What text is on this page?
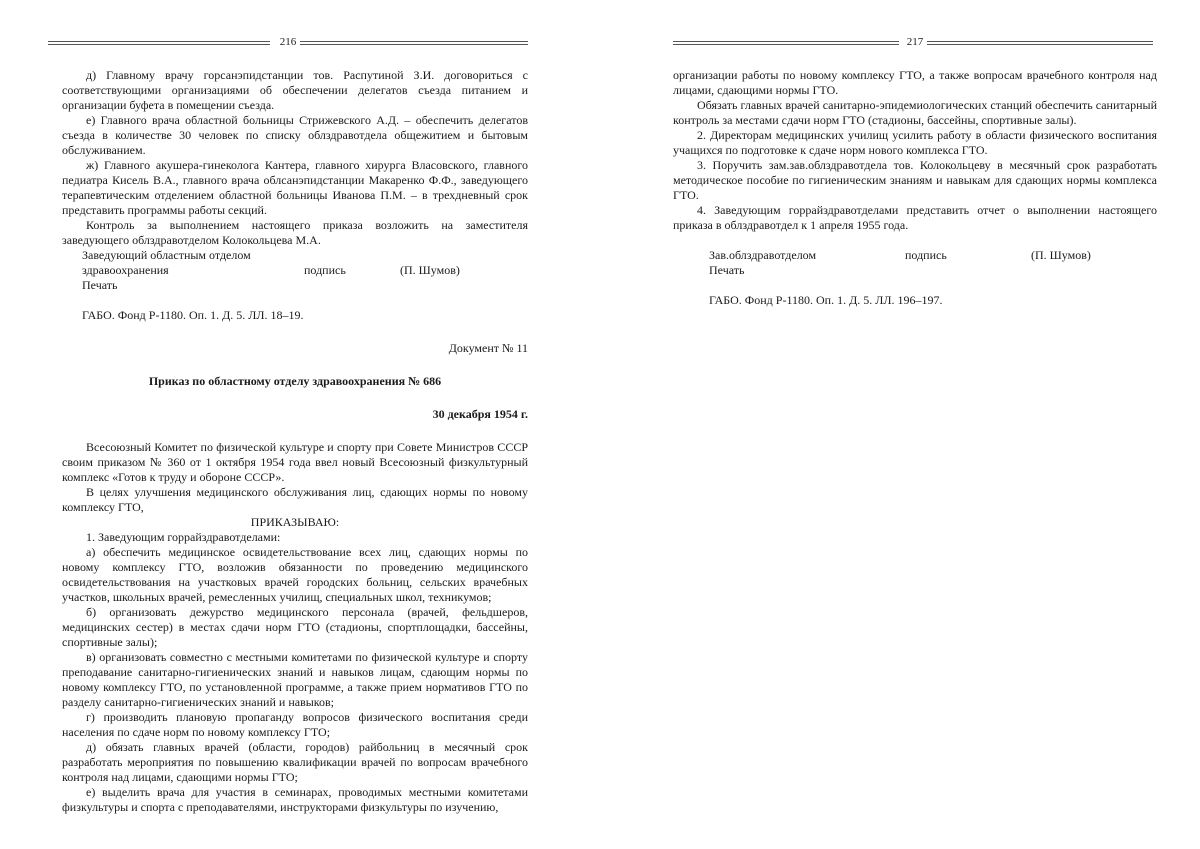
216

д) Главному врачу горсанэпидстанции тов. Распутиной З.И. договориться с соответствующими организациями об обеспечении делегатов съезда питанием и организации буфета в помещении съезда.

е) Главного врача областной больницы Стрижевского А.Д. – обеспечить делегатов съезда в количестве 30 человек по списку облздравотдела общежитием и бытовым обслуживанием.

ж) Главного акушера-гинеколога Кантера, главного хирурга Власовского, главного педиатра Кисель В.А., главного врача облсанэпидстанции Макаренко Ф.Ф., заведующего терапевтическим отделением областной больницы Иванова П.М. – в трехдневный срок представить программы работы секций.

Контроль за выполнением настоящего приказа возложить на заместителя заведующего облздравотделом Колокольцева М.А.

Заведующий областным отделом
здравоохранения	подпись	(П. Шумов)
Печать

ГАБО. Фонд Р-1180. Оп. 1. Д. 5. ЛЛ. 18–19.

Документ № 11

Приказ по областному отделу здравоохранения № 686

30 декабря 1954 г.

Всесоюзный Комитет по физической культуре и спорту при Совете Министров СССР своим приказом № 360 от 1 октября 1954 года ввел новый Всесоюзный физкультурный комплекс «Готов к труду и обороне СССР».

В целях улучшения медицинского обслуживания лиц, сдающих нормы по новому комплексу ГТО,

ПРИКАЗЫВАЮ:

1. Заведующим горрайздравотделами:

а) обеспечить медицинское освидетельствование всех лиц, сдающих нормы по новому комплексу ГТО, возложив обязанности по проведению медицинского освидетельствования на участковых врачей городских больниц, сельских врачебных участков, школьных врачей, ремесленных училищ, специальных школ, техникумов;

б) организовать дежурство медицинского персонала (врачей, фельдшеров, медицинских сестер) в местах сдачи норм ГТО (стадионы, спортплощадки, бассейны, спортивные залы);

в) организовать совместно с местными комитетами по физической культуре и спорту преподавание санитарно-гигиенических знаний и навыков лицам, сдающим нормы по новому комплексу ГТО, по установленной программе, а также прием нормативов ГТО по разделу санитарно-гигиенических знаний и навыков;

г) производить плановую пропаганду вопросов физического воспитания среди населения по сдаче норм по новому комплексу ГТО;

д) обязать главных врачей (области, городов) райбольниц в месячный срок разработать мероприятия по повышению квалификации врачей по вопросам врачебного контроля над лицами, сдающими нормы ГТО;

е) выделить врача для участия в семинарах, проводимых местными комитетами физкультуры и спорта с преподавателями, инструкторами физкультуры по изучению,

217

организации работы по новому комплексу ГТО, а также вопросам врачебного контроля над лицами, сдающими нормы ГТО.

Обязать главных врачей санитарно-эпидемиологических станций обеспечить санитарный контроль за местами сдачи норм ГТО (стадионы, бассейны, спортивные залы).

2. Директорам медицинских училищ усилить работу в области физического воспитания учащихся по подготовке к сдаче норм нового комплекса ГТО.

3. Поручить зам.зав.облздравотдела тов. Колокольцеву в месячный срок разработать методическое пособие по гигиеническим знаниям и навыкам для сдающих нормы комплекса ГТО.

4. Заведующим горрайздравотделами представить отчет о выполнении настоящего приказа в облздравотдел к 1 апреля 1955 года.

Зав.облздравотделом	подпись	(П. Шумов)
Печать

ГАБО. Фонд Р-1180. Оп. 1. Д. 5. ЛЛ. 196–197.
